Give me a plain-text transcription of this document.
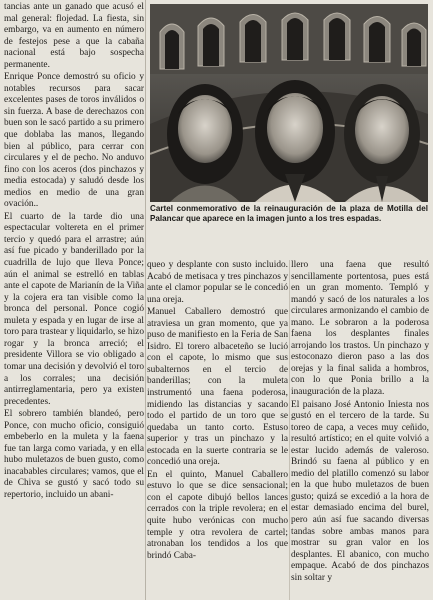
tancias ante un ganado que acusó el mal general: flojedad. La fiesta, sin embargo, va en aumento en número de festejos pese a que la cabaña nacional está bajo sospecha permanente.

Enrique Ponce demostró su oficio y notables recursos para sacar excelentes pases de toros inválidos o sin fuerza. A base de derechazos con buen son le sacó partido a su primero que doblaba las manos, llegando bien al público, para cerrar con circulares y el de pecho. No anduvo fino con los aceros (dos pinchazos y media estocada) y saludó desde los medios en medio de una gran ovación..

El cuarto de la tarde dio una espectacular voltereta en el primer tercio y quedó para el arrastre; aún así fue picado y banderillado por la cuadrilla de lujo que lleva Ponce; aún el animal se estrelló en tablas ante el capote de Marianín de la Viña y la cojera era tan visible como la bronca del personal. Ponce cogió muleta y espada y en lugar de irse al toro para trastear y liquidarlo, se hizo rogar y la bronca arreció; el presidente Villora se vio obligado a tomar una decisión y devolvió el toro a los corrales; una decisión antirreglamentaria, pero ya existen precedentes.

El sobrero también blandeó, pero Ponce, con mucho oficio, consiguió embeberlo en la muleta y la faena fue tan larga como variada, y en ella hubo muletazos de buen gusto, como inacabables circulares; vamos, que el de Chiva se gustó y sacó todo su repertorio, incluido un abani-

Cartel conmemorativo de la reinauguración de la plaza de Motilla del Palancar que aparece en la imagen junto a los tres espadas.

queo y desplante con susto incluido. Acabó de metisaca y tres pinchazos y ante el clamor popular se le concedió una oreja.

Manuel Caballero demostró que atraviesa un gran momento, que ya puso de manifiesto en la Feria de San Isidro. El torero albaceteño se lució con el capote, lo mismo que sus subalternos en el tercio de banderillas; con la muleta instrumentó una faena poderosa, midiendo las distancias y sacando todo el partido de un toro que se quedaba un tanto corto. Estuso superior y tras un pinchazo y la estocada en la suerte contraria se le concedió una oreja.

En el quinto, Manuel Caballero estuvo lo que se dice sensacional; con el capote dibujó bellos lances cerrados con la triple revolera; en el quite hubo verónicas con mucho temple y otra revolera de cartel; atronaban los tendidos a los que brindó Caba-

llero una faena que resultó sencillamente portentosa, pues está en un gran momento. Templó y mandó y sacó de los naturales a los circulares armonizando el cambio de mano. Le sobraron a la poderosa faena los desplantes finales arrojando los trastos. Un pinchazo y estoconazo dieron paso a las dos orejas y la final salida a hombros, con lo que Ponia brillo a la inauguración de la plaza.

El paisano José Antonio Iniesta nos gustó en el tercero de la tarde. Su toreo de capa, a veces muy ceñido, resultó artístico; en el quite volvió a estar lucido además de valeroso. Brindó su faena al público y en medio del platillo comenzó su labor en la que hubo muletazos de buen gusto; quizá se excedió a la hora de estar demasiado encima del burel, pero aún así fue sacando diversas tandas sobre ambas manos para mostrar su gran valor en los desplantes. El abanico, con mucho empaque. Acabó de dos pinchazos sin soltar y
